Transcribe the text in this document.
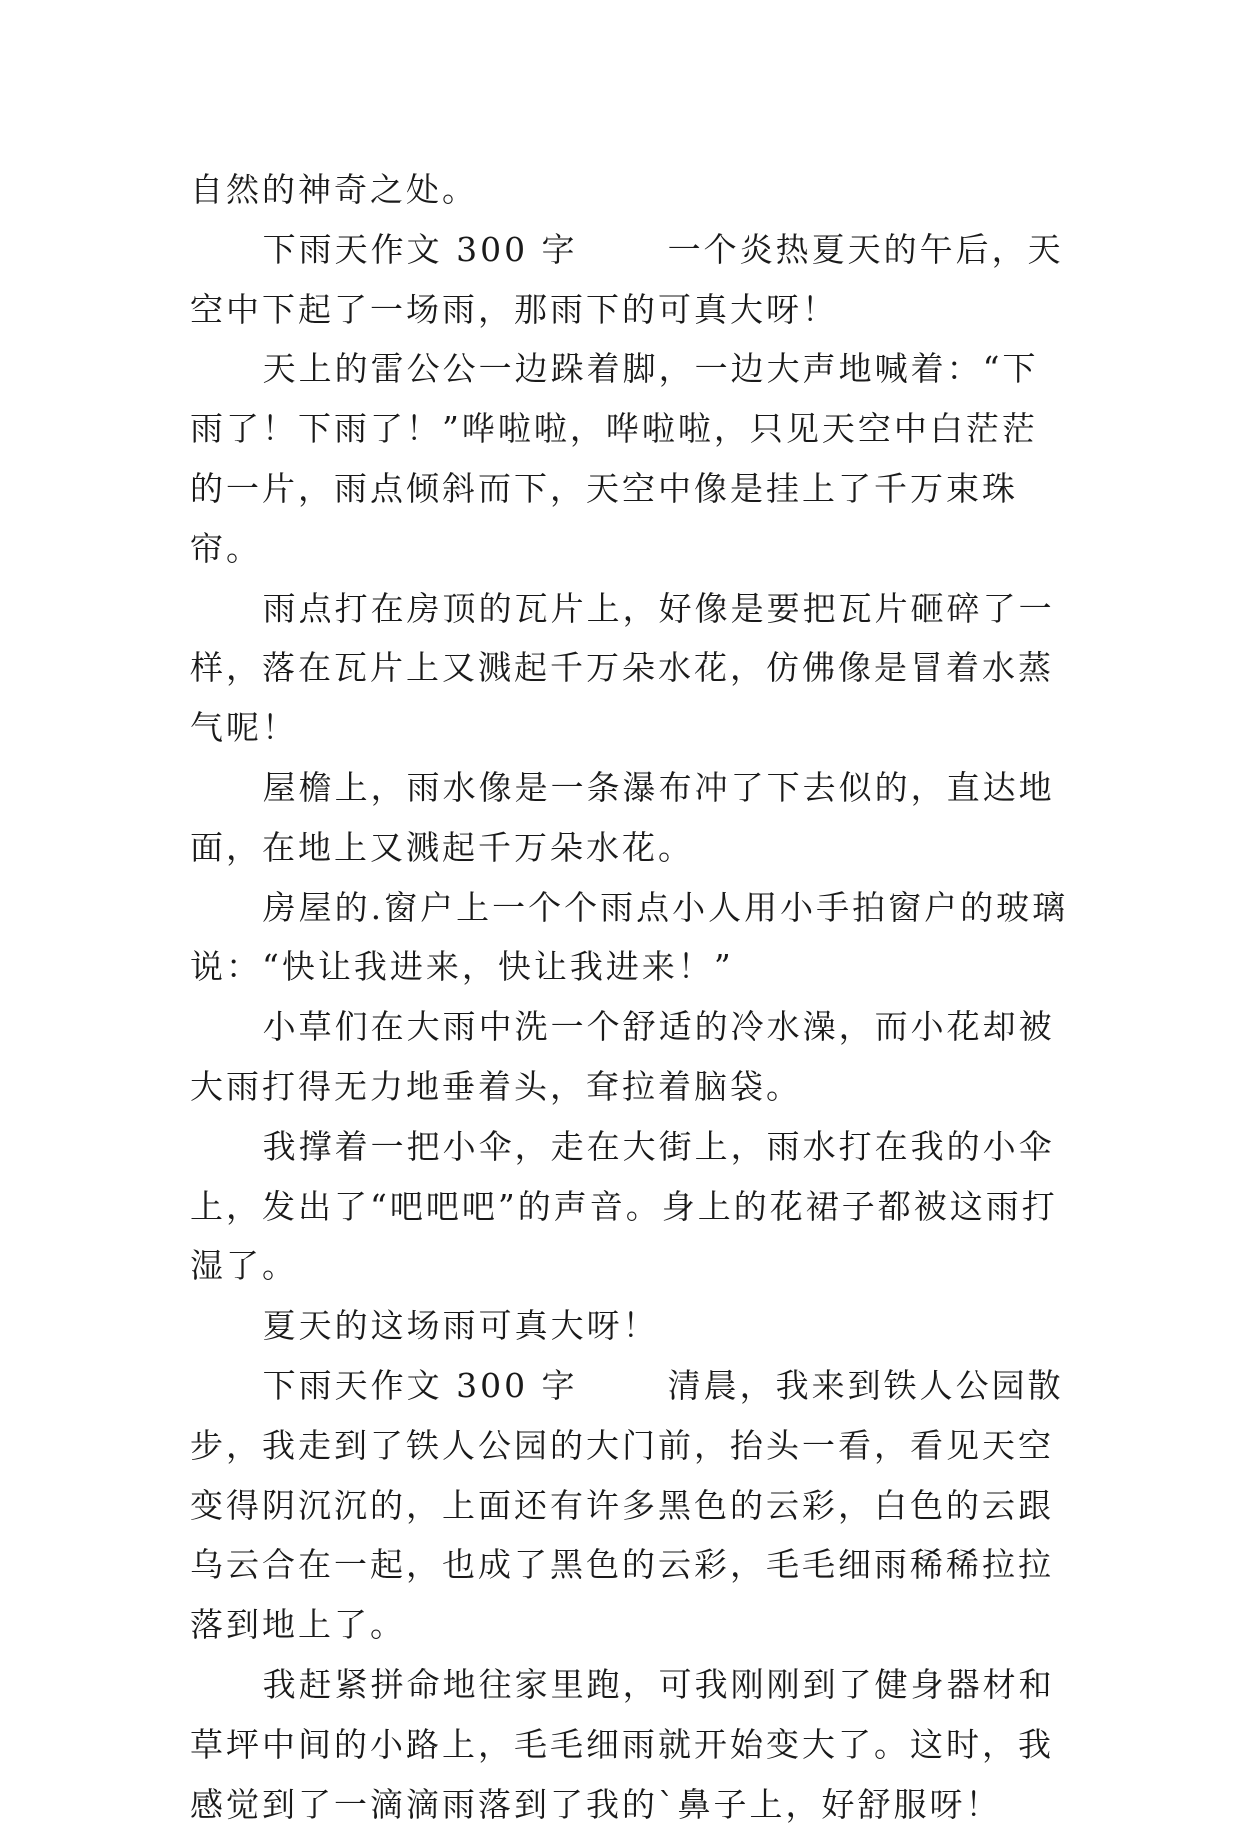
自然的神奇之处。

下雨天作文 300 字	一个炎热夏天的午后，天空中下起了一场雨，那雨下的可真大呀！

天上的雷公公一边跺着脚，一边大声地喊着：“下雨了！下雨了！”哗啦啦，哗啦啦，只见天空中白茫茫的一片，雨点倾斜而下，天空中像是挂上了千万束珠帘。

雨点打在房顶的瓦片上，好像是要把瓦片砸碎了一样，落在瓦片上又溅起千万朵水花，仿佛像是冒着水蒸气呢！

屋檐上，雨水像是一条瀑布冲了下去似的，直达地面，在地上又溅起千万朵水花。

房屋的.窗户上一个个雨点小人用小手拍窗户的玻璃说：“快让我进来，快让我进来！”

小草们在大雨中洗一个舒适的冷水澡，而小花却被大雨打得无力地垂着头，耷拉着脑袋。

我撑着一把小伞，走在大街上，雨水打在我的小伞上，发出了“吧吧吧”的声音。身上的花裙子都被这雨打湿了。

夏天的这场雨可真大呀！

下雨天作文 300 字	清晨，我来到铁人公园散步，我走到了铁人公园的大门前，抬头一看，看见天空变得阴沉沉的，上面还有许多黑色的云彩，白色的云跟乌云合在一起，也成了黑色的云彩，毛毛细雨稀稀拉拉落到地上了。

我赶紧拼命地往家里跑，可我刚刚到了健身器材和草坪中间的小路上，毛毛细雨就开始变大了。这时，我感觉到了一滴滴雨落到了我的`鼻子上，好舒服呀！
